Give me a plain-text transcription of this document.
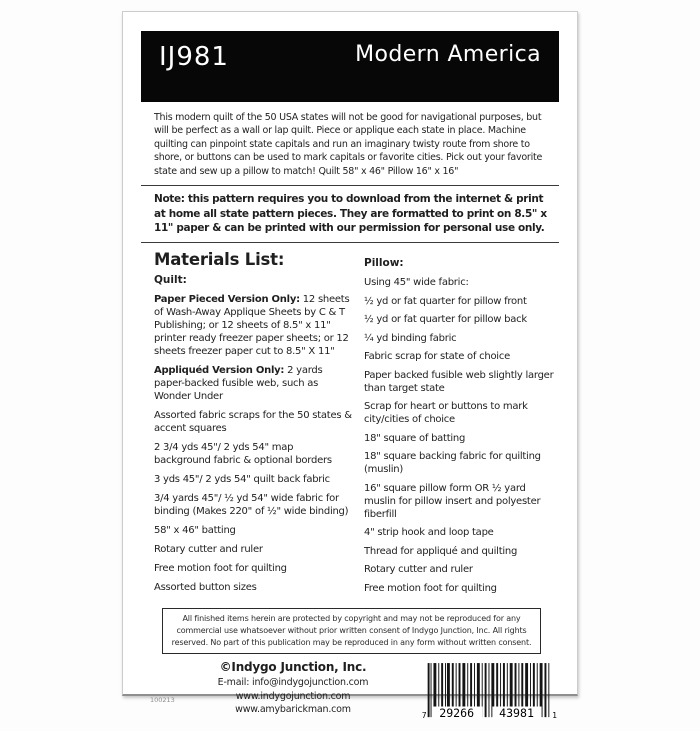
IJ981	Modern America

This modern quilt of the 50 USA states will not be good for navigational purposes, but will be perfect as a wall or lap quilt. Piece or applique each state in place. Machine quilting can pinpoint state capitals and run an imaginary twisty route from shore to shore, or buttons can be used to mark capitals or favorite cities. Pick out your favorite state and sew up a pillow to match! Quilt 58" x 46" Pillow 16" x 16"

Note: this pattern requires you to download from the internet & print at home all state pattern pieces. They are formatted to print on 8.5" x 11" paper & can be printed with our permission for personal use only.

Materials List:
Quilt:

Paper Pieced Version Only: 12 sheets of Wash-Away Applique Sheets by C & T Publishing; or 12 sheets of 8.5" x 11" printer ready freezer paper sheets; or 12 sheets freezer paper cut to 8.5" X 11"

Appliquéd Version Only: 2 yards paper-backed fusible web, such as Wonder Under

Assorted fabric scraps for the 50 states & accent squares

2 3/4 yds 45"/ 2 yds 54" map background fabric & optional borders

3 yds 45"/ 2 yds 54" quilt back fabric

3/4 yards 45"/ ½ yd 54" wide fabric for binding (Makes 220" of ½" wide binding)

58" x 46" batting

Rotary cutter and ruler

Free motion foot for quilting

Assorted button sizes

Pillow:

Using 45" wide fabric:

½ yd or fat quarter for pillow front

½ yd or fat quarter for pillow back

¼ yd binding fabric

Fabric scrap for state of choice

Paper backed fusible web slightly larger than target state

Scrap for heart or buttons to mark city/cities of choice

18" square of batting

18" square backing fabric for quilting (muslin)

16" square pillow form OR ½ yard muslin for pillow insert and polyester fiberfill

4" strip hook and loop tape

Thread for appliqué and quilting

Rotary cutter and ruler

Free motion foot for quilting

All finished items herein are protected by copyright and may not be reproduced for any commercial use whatsoever without prior written consent of Indygo Junction, Inc. All rights reserved. No part of this publication may be reproduced in any form without written consent.
100213

©Indygo Junction, Inc.

E-mail: info@indygojunction.com

www.indygojunction.com

www.amybarickman.com

7 29266 43981 1
